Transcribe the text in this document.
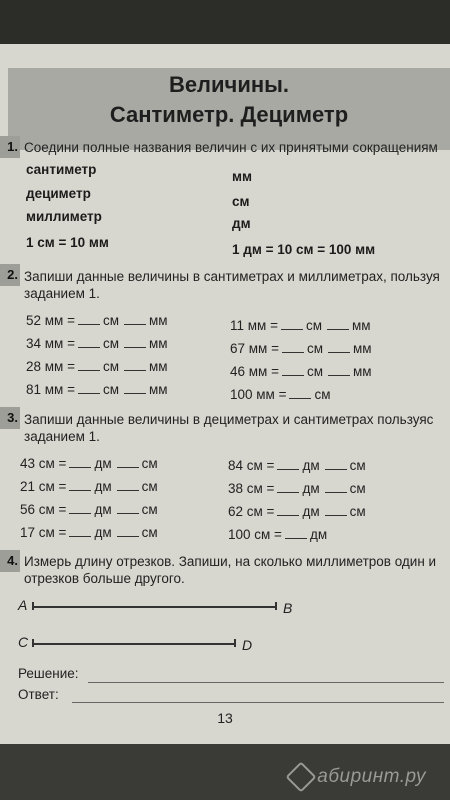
Величины.
Сантиметр. Дециметр
1. Соедини полные названия величин с их принятыми сокращениям
сантиметр
дециметр
миллиметр
1 см = 10 мм
мм
см
дм
1 дм = 10 см = 100 мм
2. Запиши данные величины в сантиметрах и миллиметрах, пользуя
заданием 1.
52 мм = см мм
34 мм = см мм
28 мм = см мм
81 мм = см мм
11 мм = см мм
67 мм = см мм
46 мм = см мм
100 мм = см
3. Запиши данные величины в дециметрах и сантиметрах пользуяс
заданием 1.
43 см = дм см
21 см = дм см
56 см = дм см
17 см = дм см
84 см = дм см
38 см = дм см
62 см = дм см
100 см = дм
4. Измерь длину отрезков. Запиши, на сколько миллиметров один и
отрезков больше другого.
A	B
C	D
Решение:
Ответ:
13
абиринт.ру
